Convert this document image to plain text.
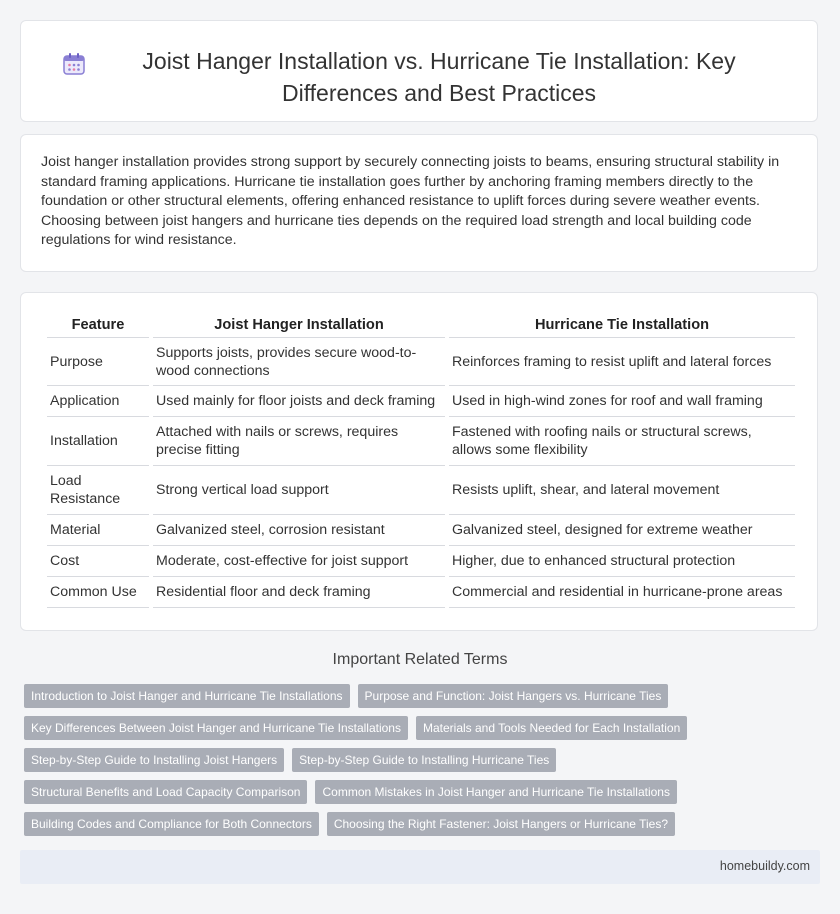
Joist Hanger Installation vs. Hurricane Tie Installation: Key Differences and Best Practices

Joist hanger installation provides strong support by securely connecting joists to beams, ensuring structural stability in standard framing applications. Hurricane tie installation goes further by anchoring framing members directly to the foundation or other structural elements, offering enhanced resistance to uplift forces during severe weather events. Choosing between joist hangers and hurricane ties depends on the required load strength and local building code regulations for wind resistance.

Feature	Joist Hanger Installation	Hurricane Tie Installation
Purpose	Supports joists, provides secure wood-to-wood connections	Reinforces framing to resist uplift and lateral forces
Application	Used mainly for floor joists and deck framing	Used in high-wind zones for roof and wall framing
Installation	Attached with nails or screws, requires precise fitting	Fastened with roofing nails or structural screws, allows some flexibility
Load Resistance	Strong vertical load support	Resists uplift, shear, and lateral movement
Material	Galvanized steel, corrosion resistant	Galvanized steel, designed for extreme weather
Cost	Moderate, cost-effective for joist support	Higher, due to enhanced structural protection
Common Use	Residential floor and deck framing	Commercial and residential in hurricane-prone areas
Important Related Terms
Introduction to Joist Hanger and Hurricane Tie Installations	Purpose and Function: Joist Hangers vs. Hurricane Ties
Key Differences Between Joist Hanger and Hurricane Tie Installations	Materials and Tools Needed for Each Installation
Step-by-Step Guide to Installing Joist Hangers	Step-by-Step Guide to Installing Hurricane Ties
Structural Benefits and Load Capacity Comparison	Common Mistakes in Joist Hanger and Hurricane Tie Installations
Building Codes and Compliance for Both Connectors	Choosing the Right Fastener: Joist Hangers or Hurricane Ties?
homebuildy.com
